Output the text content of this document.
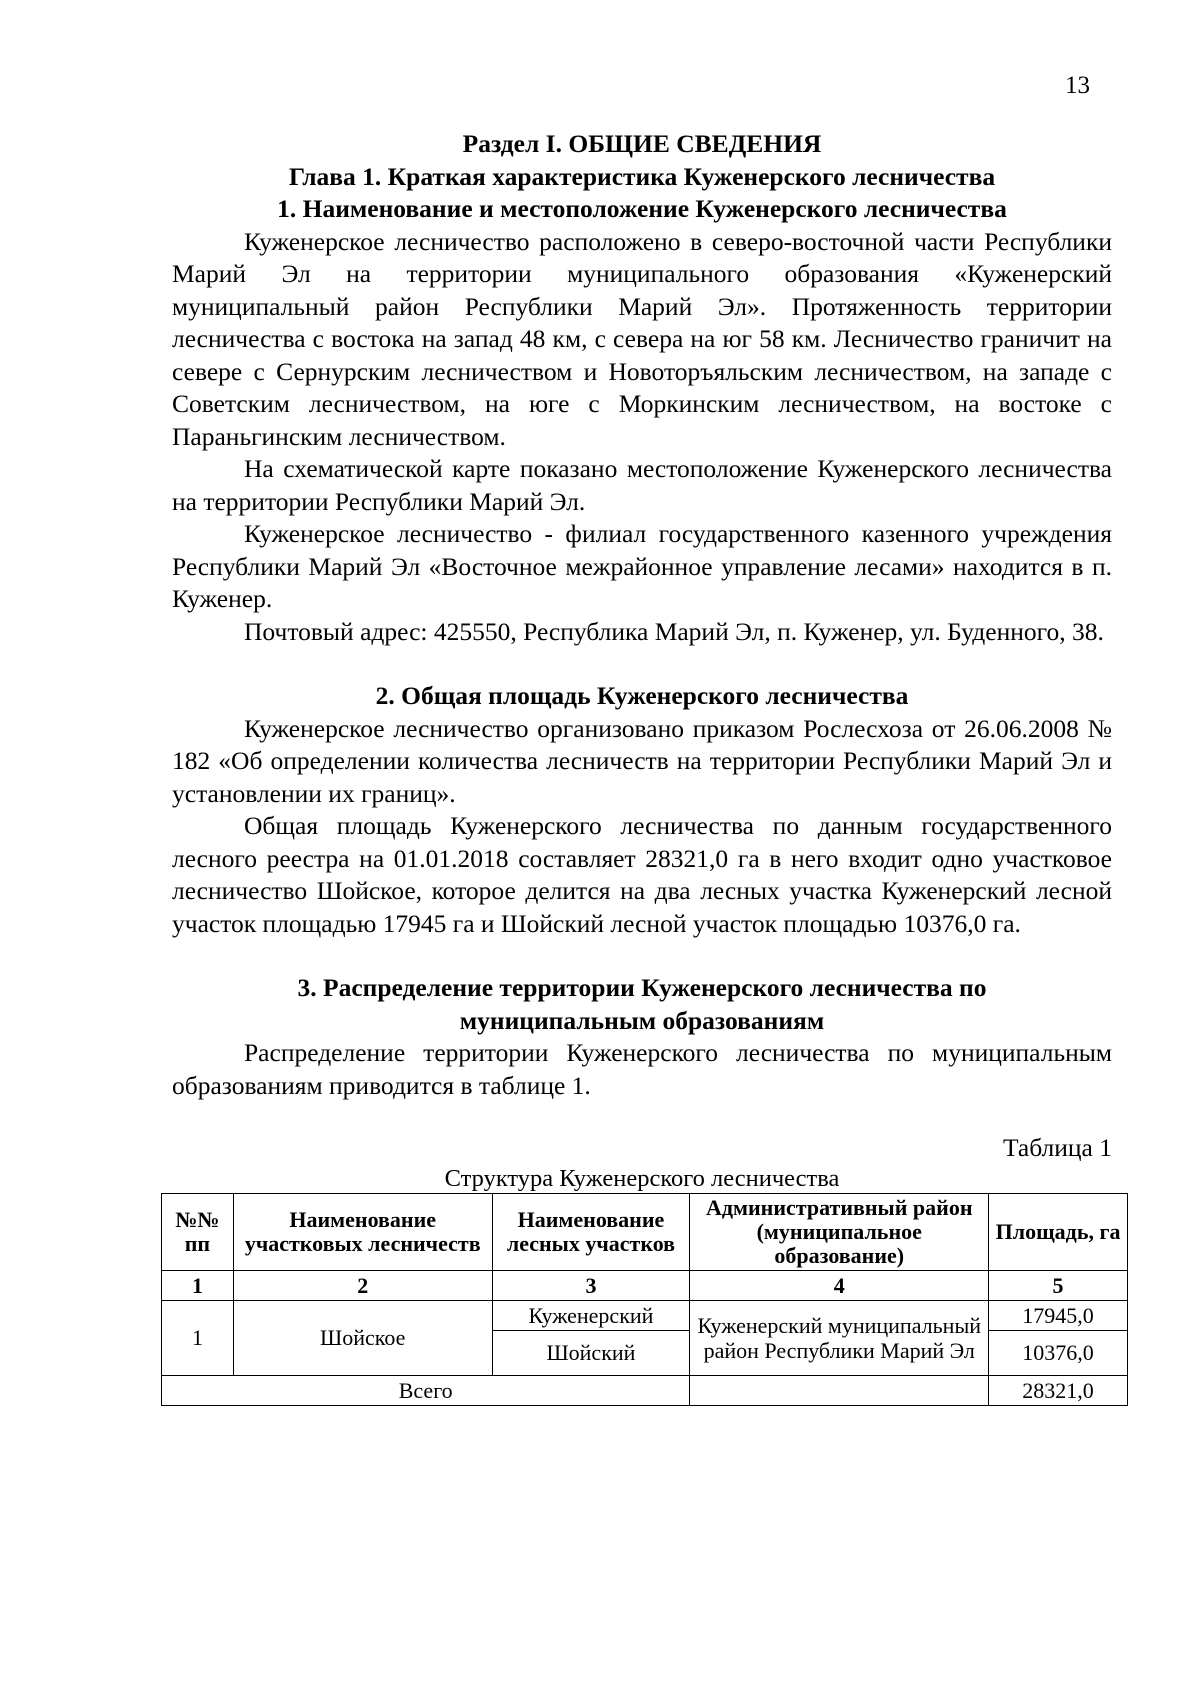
13
Раздел I. ОБЩИЕ СВЕДЕНИЯ
Глава 1. Краткая характеристика Куженерского лесничества
1. Наименование и местоположение Куженерского лесничества

Куженерское лесничество расположено в северо-восточной части Республики Марий Эл на территории муниципального образования «Куженерский муниципальный район Республики Марий Эл». Протяженность территории лесничества с востока на запад 48 км, с севера на юг 58 км. Лесничество граничит на севере с Сернурским лесничеством и Новоторъяльским лесничеством, на западе с Советским лесничеством, на юге с Моркинским лесничеством, на востоке с Параньгинским лесничеством.

На схематической карте показано местоположение Куженерского лесничества на территории Республики Марий Эл.

Куженерское лесничество - филиал государственного казенного учреждения Республики Марий Эл «Восточное межрайонное управление лесами» находится в п. Куженер.

Почтовый адрес: 425550, Республика Марий Эл, п. Куженер, ул. Буденного, 38.

2. Общая площадь Куженерского лесничества

Куженерское лесничество организовано приказом Рослесхоза от 26.06.2008 № 182 «Об определении количества лесничеств на территории Республики Марий Эл и установлении их границ».

Общая площадь Куженерского лесничества по данным государственного лесного реестра на 01.01.2018 составляет 28321,0 га в него входит одно участковое лесничество Шойское, которое делится на два лесных участка Куженерский лесной участок площадью 17945 га и Шойский лесной участок площадью 10376,0 га.

3. Распределение территории Куженерского лесничества по
муниципальным образованиям

Распределение территории Куженерского лесничества по муниципальным образованиям приводится в таблице 1.

Таблица 1
Структура Куженерского лесничества
№№ пп	Наименование участковых лесничеств	Наименование лесных участков	Административный район (муниципальное образование)	Площадь, га
1	2	3	4	5
1	Шойское	Куженерский	Куженерский муниципальный район Республики Марий Эл	17945,0
		Шойский		10376,0
Всего				28321,0
